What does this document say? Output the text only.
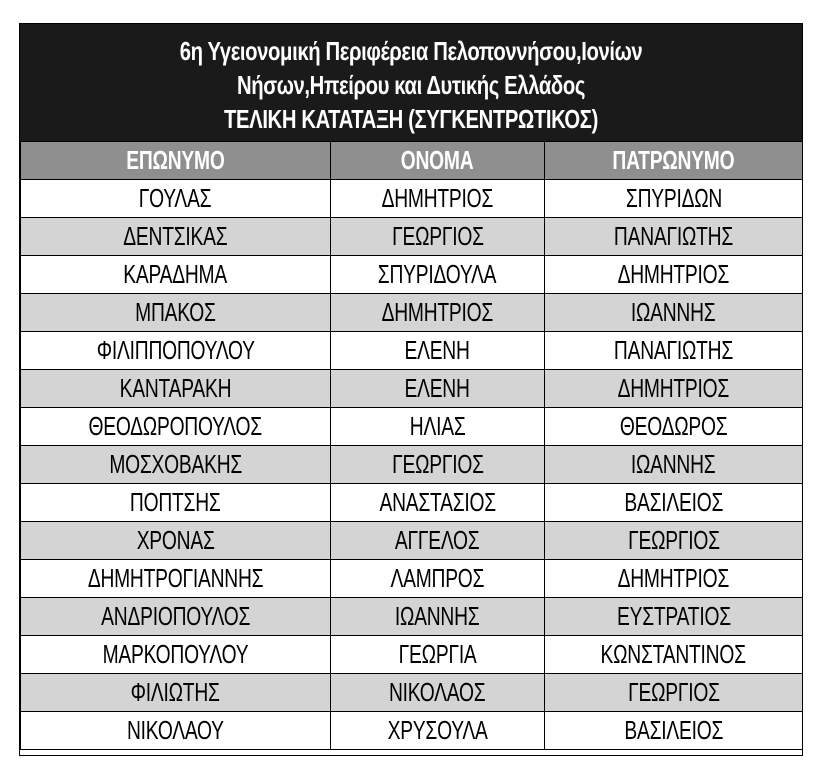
6η Υγειονομική Περιφέρεια Πελοποννήσου,Ιονίων
Νήσων,Ηπείρου και Δυτικής Ελλάδος
ΤΕΛΙΚΗ ΚΑΤΑΤΑΞΗ (ΣΥΓΚΕΝΤΡΩΤΙΚΟΣ)
ΕΠΩΝΥΜΟ	ΟΝΟΜΑ	ΠΑΤΡΩΝΥΜΟ
ΓΟΥΛΑΣ	ΔΗΜΗΤΡΙΟΣ	ΣΠΥΡΙΔΩΝ
ΔΕΝΤΣΙΚΑΣ	ΓΕΩΡΓΙΟΣ	ΠΑΝΑΓΙΩΤΗΣ
ΚΑΡΑΔΗΜΑ	ΣΠΥΡΙΔΟΥΛΑ	ΔΗΜΗΤΡΙΟΣ
ΜΠΑΚΟΣ	ΔΗΜΗΤΡΙΟΣ	ΙΩΑΝΝΗΣ
ΦΙΛΙΠΠΟΠΟΥΛΟΥ	ΕΛΕΝΗ	ΠΑΝΑΓΙΩΤΗΣ
ΚΑΝΤΑΡΑΚΗ	ΕΛΕΝΗ	ΔΗΜΗΤΡΙΟΣ
ΘΕΟΔΩΡΟΠΟΥΛΟΣ	ΗΛΙΑΣ	ΘΕΟΔΩΡΟΣ
ΜΟΣΧΟΒΑΚΗΣ	ΓΕΩΡΓΙΟΣ	ΙΩΑΝΝΗΣ
ΠΟΠΤΣΗΣ	ΑΝΑΣΤΑΣΙΟΣ	ΒΑΣΙΛΕΙΟΣ
ΧΡΟΝΑΣ	ΑΓΓΕΛΟΣ	ΓΕΩΡΓΙΟΣ
ΔΗΜΗΤΡΟΓΙΑΝΝΗΣ	ΛΑΜΠΡΟΣ	ΔΗΜΗΤΡΙΟΣ
ΑΝΔΡΙΟΠΟΥΛΟΣ	ΙΩΑΝΝΗΣ	ΕΥΣΤΡΑΤΙΟΣ
ΜΑΡΚΟΠΟΥΛΟΥ	ΓΕΩΡΓΙΑ	ΚΩΝΣΤΑΝΤΙΝΟΣ
ΦΙΛΙΩΤΗΣ	ΝΙΚΟΛΑΟΣ	ΓΕΩΡΓΙΟΣ
ΝΙΚΟΛΑΟΥ	ΧΡΥΣΟΥΛΑ	ΒΑΣΙΛΕΙΟΣ
